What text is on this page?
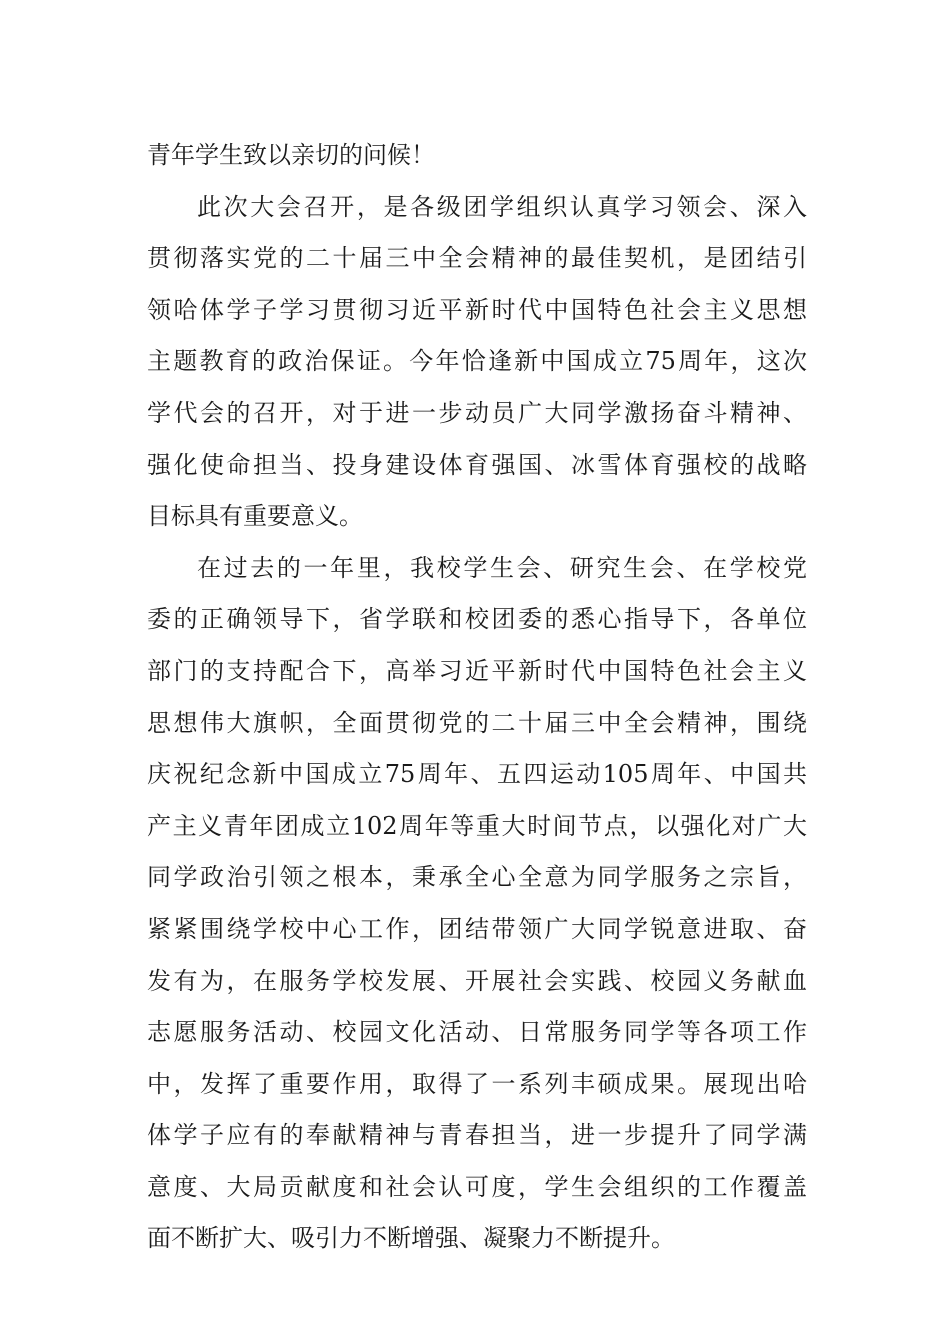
青年学生致以亲切的问候！
此次大会召开，是各级团学组织认真学习领会、深入
贯彻落实党的二十届三中全会精神的最佳契机，是团结引
领哈体学子学习贯彻习近平新时代中国特色社会主义思想
主题教育的政治保证。今年恰逢新中国成立75周年，这次
学代会的召开，对于进一步动员广大同学激扬奋斗精神、
强化使命担当、投身建设体育强国、冰雪体育强校的战略
目标具有重要意义。
在过去的一年里，我校学生会、研究生会、在学校党
委的正确领导下，省学联和校团委的悉心指导下，各单位
部门的支持配合下，高举习近平新时代中国特色社会主义
思想伟大旗帜，全面贯彻党的二十届三中全会精神，围绕
庆祝纪念新中国成立75周年、五四运动105周年、中国共
产主义青年团成立102周年等重大时间节点，以强化对广大
同学政治引领之根本，秉承全心全意为同学服务之宗旨，
紧紧围绕学校中心工作，团结带领广大同学锐意进取、奋
发有为，在服务学校发展、开展社会实践、校园义务献血
志愿服务活动、校园文化活动、日常服务同学等各项工作
中，发挥了重要作用，取得了一系列丰硕成果。展现出哈
体学子应有的奉献精神与青春担当，进一步提升了同学满
意度、大局贡献度和社会认可度，学生会组织的工作覆盖
面不断扩大、吸引力不断增强、凝聚力不断提升。
